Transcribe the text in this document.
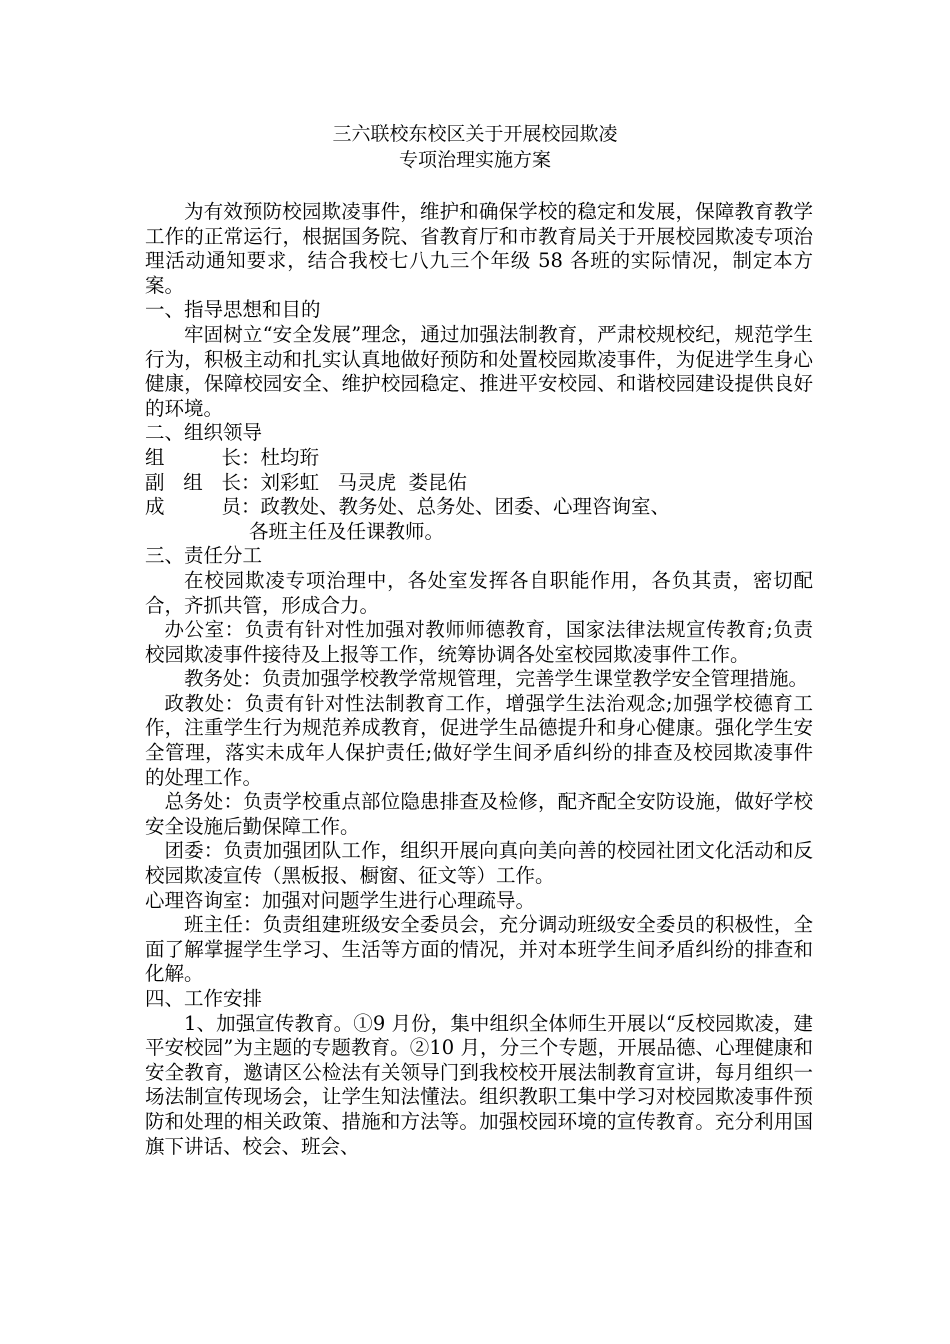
三六联校东校区关于开展校园欺凌
专项治理实施方案

为有效预防校园欺凌事件，维护和确保学校的稳定和发展，保障教育教学工作的正常运行，根据国务院、省教育厅和市教育局关于开展校园欺凌专项治理活动通知要求，结合我校七八九三个年级 58 各班的实际情况，制定本方案。

一、指导思想和目的

牢固树立“安全发展”理念，通过加强法制教育，严肃校规校纪，规范学生行为，积极主动和扎实认真地做好预防和处置校园欺凌事件，为促进学生身心健康，保障校园安全、维护校园稳定、推进平安校园、和谐校园建设提供良好的环境。

二、组织领导

组长 ： 杜均珩
副组长 ： 刘彩虹   马灵虎  娄昆佑
成员 ： 政教处、教务处、总务处、团委、心理咨询室、
各班主任及任课教师。

三、责任分工

在校园欺凌专项治理中，各处室发挥各自职能作用，各负其责，密切配合，齐抓共管，形成合力。

办公室：负责有针对性加强对教师师德教育，国家法律法规宣传教育;负责校园欺凌事件接待及上报等工作，统筹协调各处室校园欺凌事件工作。

教务处：负责加强学校教学常规管理，完善学生课堂教学安全管理措施。

政教处：负责有针对性法制教育工作，增强学生法治观念;加强学校德育工作，注重学生行为规范养成教育，促进学生品德提升和身心健康。强化学生安全管理，落实未成年人保护责任;做好学生间矛盾纠纷的排查及校园欺凌事件的处理工作。

总务处：负责学校重点部位隐患排查及检修，配齐配全安防设施，做好学校安全设施后勤保障工作。

团委：负责加强团队工作，组织开展向真向美向善的校园社团文化活动和反校园欺凌宣传（黑板报、橱窗、征文等）工作。

心理咨询室：加强对问题学生进行心理疏导。

班主任：负责组建班级安全委员会，充分调动班级安全委员的积极性，全面了解掌握学生学习、生活等方面的情况，并对本班学生间矛盾纠纷的排查和化解。

四、工作安排

1、加强宣传教育。①9 月份，集中组织全体师生开展以“反校园欺凌，建平安校园”为主题的专题教育。②10 月，分三个专题，开展品德、心理健康和安全教育，邀请区公检法有关领导门到我校校开展法制教育宣讲，每月组织一场法制宣传现场会，让学生知法懂法。组织教职工集中学习对校园欺凌事件预防和处理的相关政策、措施和方法等。加强校园环境的宣传教育。充分利用国旗下讲话、校会、班会、
